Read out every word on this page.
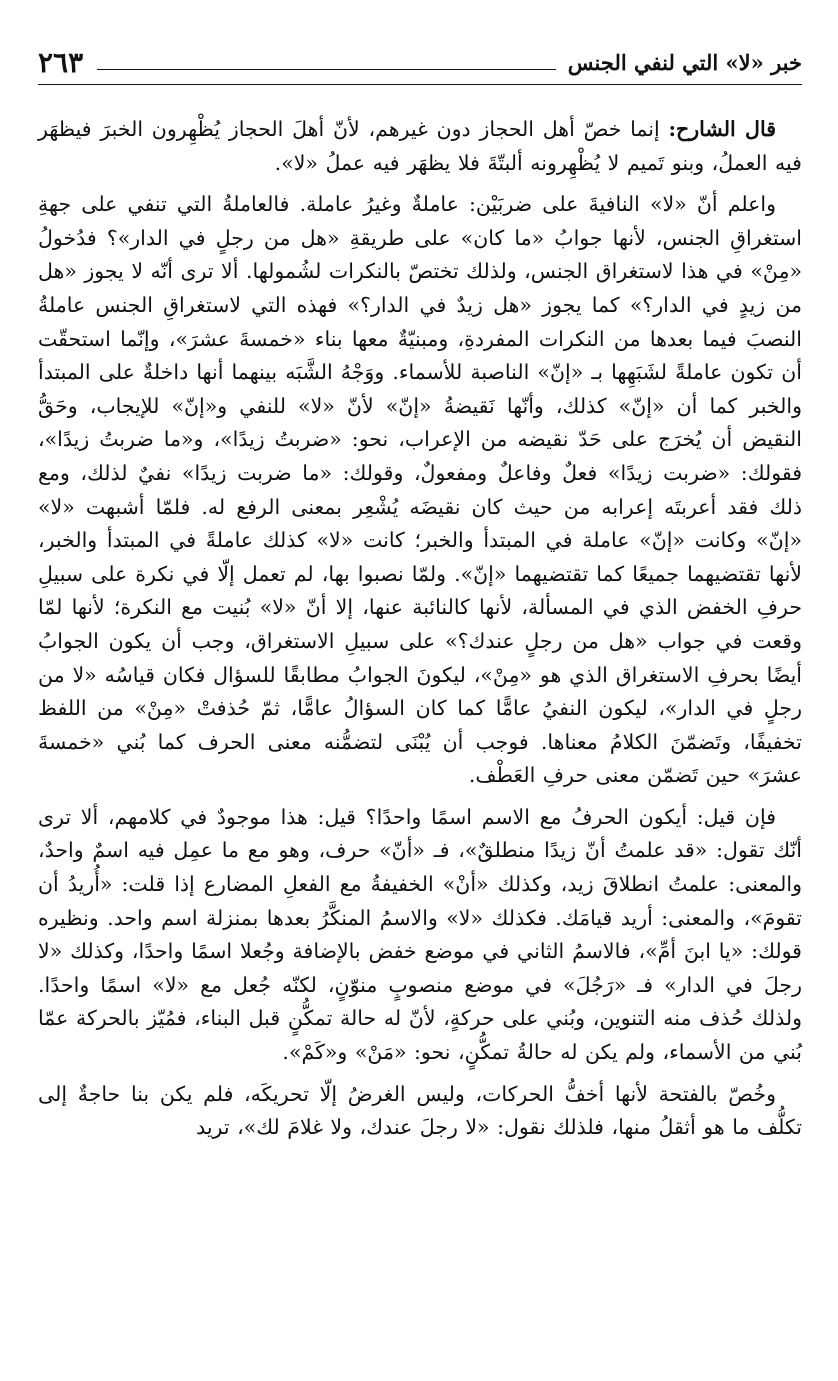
خبر «لا» التي لنفي الجنس
٢٦٣

قال الشارح: إنما خصّ أهل الحجاز دون غيرهم، لأنّ أهلَ الحجاز يُظْهِرون الخبرَ فيظهَر فيه العملُ، وبنو تَميم لا يُظْهِرونه ألبتّةَ فلا يظهَر فيه عملُ «لا».

واعلم أنّ «لا» النافيةَ على ضربَيْن: عاملةٌ وغيرُ عاملة. فالعاملةُ التي تنفي على جهةِ استغراقِ الجنس، لأنها جوابُ «ما كان» على طريقةِ «هل من رجلٍ في الدار»؟ فدُخولُ «مِنْ» في هذا لاستغراق الجنس، ولذلك تختصّ بالنكرات لشُمولها. ألا ترى أنّه لا يجوز «هل من زيدٍ في الدار؟» كما يجوز «هل زيدٌ في الدار؟» فهذه التي لاستغراقِ الجنس عاملةُ النصبَ فيما بعدها من النكرات المفردةِ، ومبنيّةٌ معها بناء «خمسةَ عشرَ»، وإنّما استحقّت أن تكون عاملةً لشَبَهِها بـ «إنّ» الناصبة للأسماء. ووَجْهُ الشَّبَه بينهما أنها داخلةٌ على المبتدأ والخبر كما أن «إنّ» كذلك، وأنّها نَقيضةُ «إنّ» لأنّ «لا» للنفي و«إنّ» للإيجاب، وحَقُّ النقيض أن يُخرَج على حَدّ نقيضه من الإعراب، نحو: «ضربتُ زيدًا»، و«ما ضربتُ زيدًا»، فقولك: «ضربت زيدًا» فعلٌ وفاعلٌ ومفعولٌ، وقولك: «ما ضربت زيدًا» نفيٌ لذلك، ومع ذلك فقد أعربتَه إعرابه من حيث كان نقيضَه يُشْعِر بمعنى الرفع له. فلمّا أشبهت «لا» «إنّ» وكانت «إنّ» عاملة في المبتدأ والخبر؛ كانت «لا» كذلك عاملةً في المبتدأ والخبر، لأنها تقتضيهما جميعًا كما تقتضيهما «إنّ». ولمّا نصبوا بها، لم تعمل إلّا في نكرة على سبيلِ حرفِ الخفض الذي في المسألة، لأنها كالنائبة عنها، إلا أنّ «لا» بُنيت مع النكرة؛ لأنها لمّا وقعت في جواب «هل من رجلٍ عندك؟» على سبيلِ الاستغراق، وجب أن يكون الجوابُ أيضًا بحرفِ الاستغراق الذي هو «مِنْ»، ليكونَ الجوابُ مطابقًا للسؤال فكان قياسُه «لا من رجلٍ في الدار»، ليكون النفيُ عامًّا كما كان السؤالُ عامًّا، ثمّ حُذفتْ «مِنْ» من اللفظ تخفيفًا، وتَضمّنَ الكلامُ معناها. فوجب أن يُبْنَى لتضمُّنه معنى الحرف كما بُني «خمسةَ عشرَ» حين تَضمّن معنى حرفِ العَطْف.

فإن قيل: أيكون الحرفُ مع الاسم اسمًا واحدًا؟ قيل: هذا موجودٌ في كلامهم، ألا ترى أنّك تقول: «قد علمتُ أنّ زيدًا منطلقٌ»، فـ «أنّ» حرف، وهو مع ما عمِل فيه اسمٌ واحدٌ، والمعنى: علمتُ انطلاقَ زيد، وكذلك «أنْ» الخفيفةُ مع الفعلِ المضارع إذا قلت: «أُريدُ أن تقومَ»، والمعنى: أريد قيامَك. فكذلك «لا» والاسمُ المنكَّرُ بعدها بمنزلة اسم واحد. ونظيره قولك: «يا ابنَ أمِّ»، فالاسمُ الثاني في موضع خفض بالإضافة وجُعلا اسمًا واحدًا، وكذلك «لا رجلَ في الدار» فـ «رَجُلَ» في موضع منصوبٍ منوّنٍ، لكنّه جُعل مع «لا» اسمًا واحدًا. ولذلك حُذف منه التنوين، وبُني على حركةٍ، لأنّ له حالة تمكُّنٍ قبل البناء، فمُيّز بالحركة عمّا بُني من الأسماء، ولم يكن له حالةُ تمكُّنٍ، نحو: «مَنْ» و«كَمْ».

وخُصّ بالفتحة لأنها أخفُّ الحركات، وليس الغرضُ إلّا تحريكَه، فلم يكن بنا حاجةٌ إلى تكلُّف ما هو أثقلُ منها، فلذلك نقول: «لا رجلَ عندك، ولا غلامَ لك»، تريد
